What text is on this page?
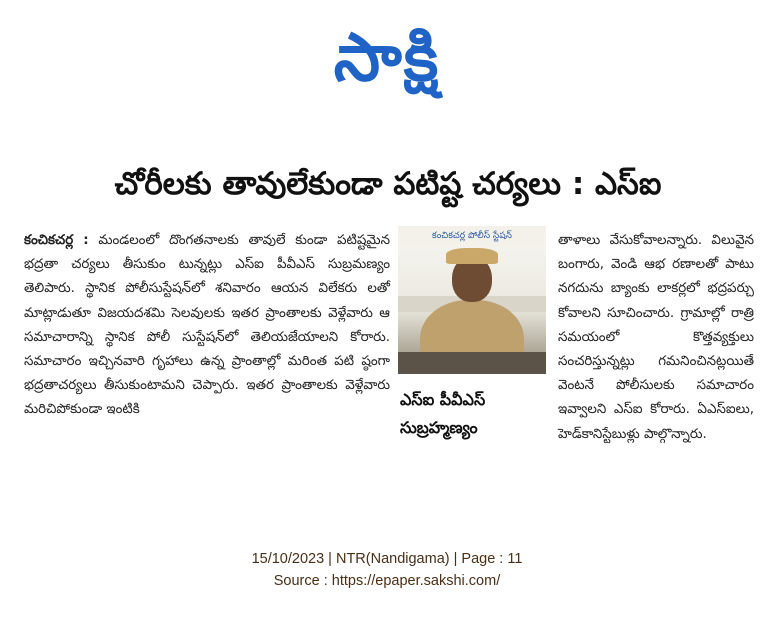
సాక్షి
చోరీలకు తావులేకుండా పటిష్ట చర్యలు : ఎస్ఐ
కంచికచర్ల : మండలంలో దొంగతనాలకు తావులే కుండా పటిష్టమైన భద్రతా చర్యలు తీసుకుం టున్నట్లు ఎస్ఐ పీవీఎస్ సుబ్రమణ్యం తెలిపారు. స్థానిక పోలీసుస్టేషన్‌లో శనివారం ఆయన విలేకరు లతో మాట్లాడుతూ విజయదశమి సెలవులకు ఇతర ప్రాంతాలకు వెళ్లేవారు ఆ సమాచారాన్ని స్థానిక పోలీ సుస్టేషన్‌లో తెలియజేయాలని కోరారు. సమాచారం ఇచ్చినవారి గృహాలు ఉన్న ప్రాంతాల్లో మరింత పటి ష్ఠంగా భద్రతాచర్యలు తీసుకుంటామని చెప్పారు. ఇతర ప్రాంతాలకు వెళ్లేవారు మరిచిపోకుండా ఇంటికి
కంచికచర్ల పోలీస్ స్టేషన్
ఎస్ఐ పీవీఎస్ సుబ్రహ్మణ్యం
తాళాలు వేసుకోవాలన్నారు. విలువైన బంగారు, వెండి ఆభ రణాలతో పాటు నగదును బ్యాంకు లాకర్లలో భద్రపర్చు కోవాలని సూచించారు. గ్రామాల్లో రాత్రి సమయంలో కొత్తవ్యక్తులు సంచరిస్తున్నట్లు గమనించినట్లయితే వెంటనే పోలీసులకు సమాచారం ఇవ్వాలని ఎస్ఐ కోరారు. ఏఎస్ఐలు, హెడ్‌కానిస్టేబుళ్లు పాల్గొన్నారు.
15/10/2023 | NTR(Nandigama) | Page : 11
Source : https://epaper.sakshi.com/
